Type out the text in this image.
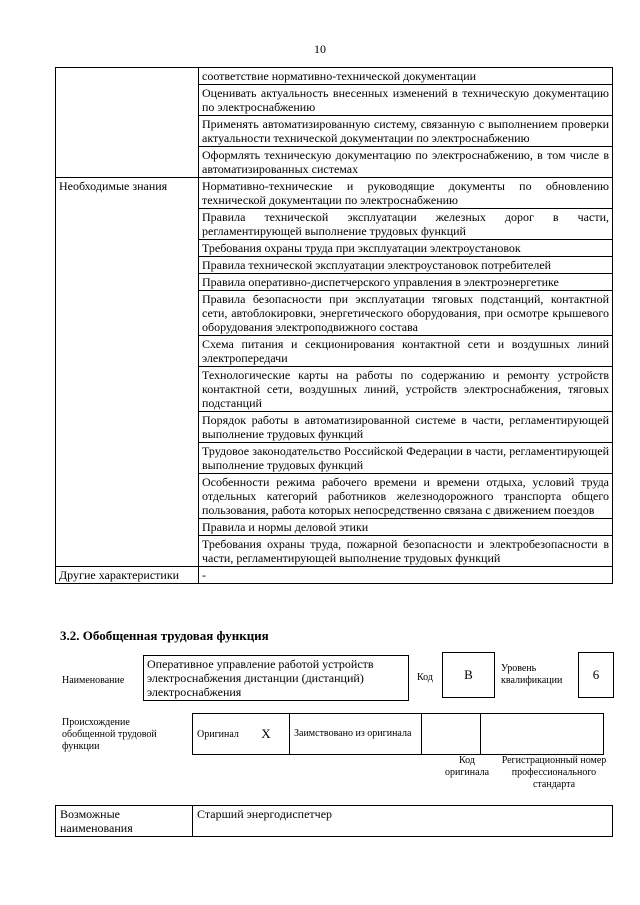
10
	соответствие нормативно-технической документации
	Оценивать актуальность внесенных изменений в техническую документацию по электроснабжению
	Применять автоматизированную систему, связанную с выполнением проверки актуальности технической документации по электроснабжению
	Оформлять техническую документацию по электроснабжению, в том числе в автоматизированных системах
Необходимые знания	Нормативно-технические и руководящие документы по обновлению технической документации по электроснабжению
	Правила технической эксплуатации железных дорог в части, регламентирующей выполнение трудовых функций
	Требования охраны труда при эксплуатации электроустановок
	Правила технической эксплуатации электроустановок потребителей
	Правила оперативно-диспетчерского управления в электроэнергетике
	Правила безопасности при эксплуатации тяговых подстанций, контактной сети, автоблокировки, энергетического оборудования, при осмотре крышевого оборудования электроподвижного состава
	Схема питания и секционирования контактной сети и воздушных линий электропередачи
	Технологические карты на работы по содержанию и ремонту устройств контактной сети, воздушных линий, устройств электроснабжения, тяговых подстанций
	Порядок работы в автоматизированной системе в части, регламентирующей выполнение трудовых функций
	Трудовое законодательство Российской Федерации в части, регламентирующей выполнение трудовых функций
	Особенности режима рабочего времени и времени отдыха, условий труда отдельных категорий работников железнодорожного транспорта общего пользования, работа которых непосредственно связана с движением поездов
	Правила и нормы деловой этики
	Требования охраны труда, пожарной безопасности и электробезопасности в части, регламентирующей выполнение трудовых функций
Другие характеристики	-
3.2. Обобщенная трудовая функция
Наименование
Оперативное управление работой устройств электроснабжения дистанции (дистанций) электроснабжения
Код	В	Уровень квалификации	6
Происхождение обобщенной трудовой функции
Оригинал	Х	Заимствовано из оригинала		
Код оригинала
Регистрационный номер профессионального стандарта
Возможные наименования	Старший энергодиспетчер
